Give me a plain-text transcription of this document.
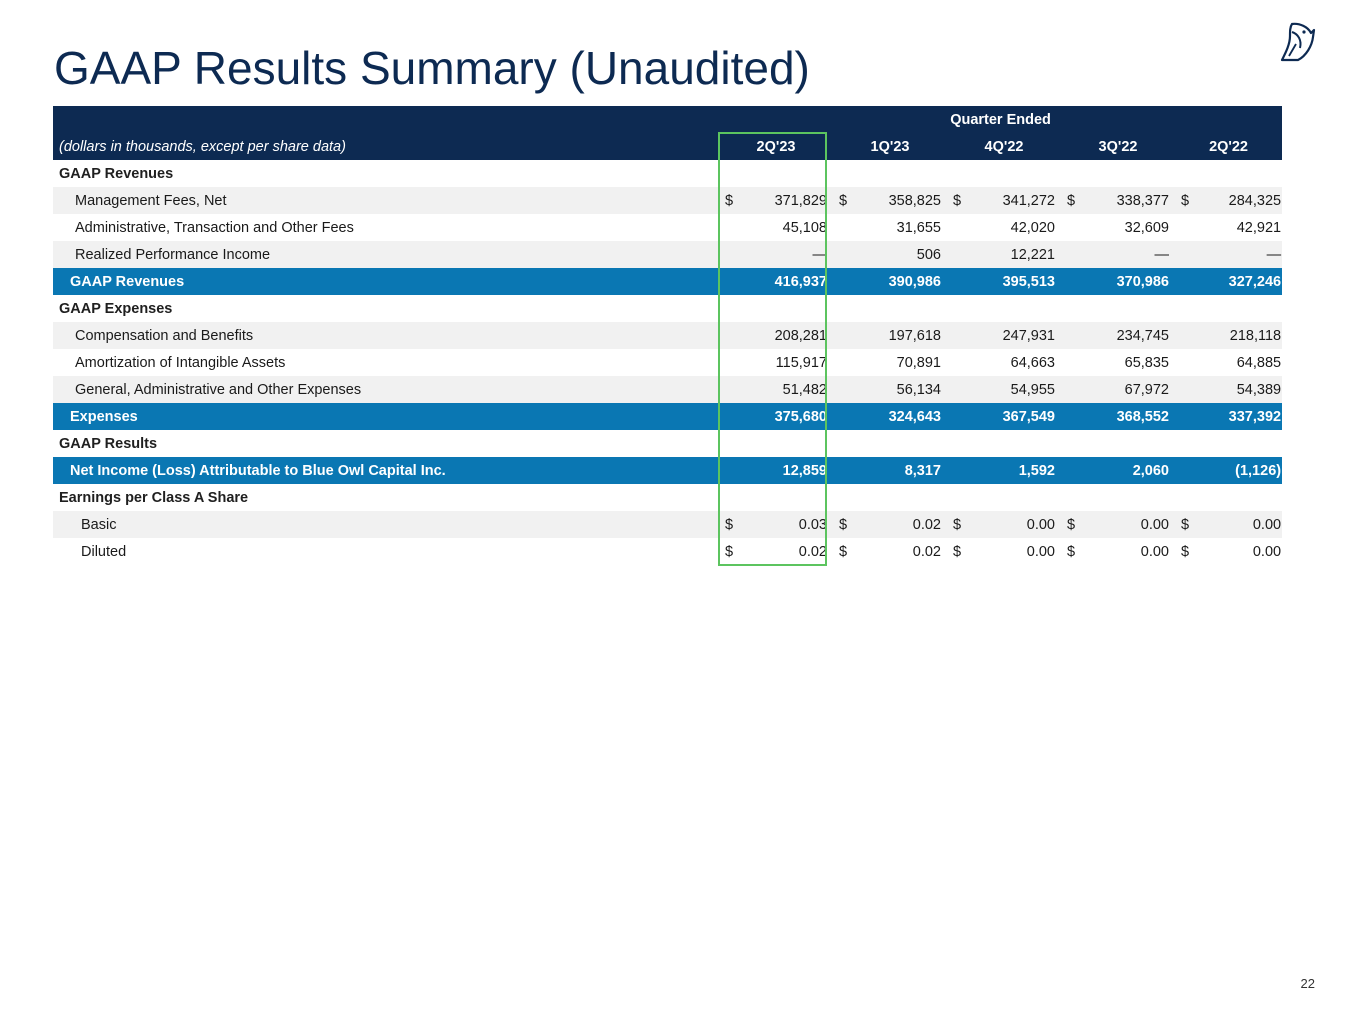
GAAP Results Summary (Unaudited)
	Quarter Ended									
(dollars in thousands, except per share data)	2Q'23		1Q'23		4Q'22		3Q'22		2Q'22	
GAAP Revenues										
Management Fees, Net	$	371,829	$	358,825	$	341,272	$	338,377	$	284,325
Administrative, Transaction and Other Fees		45,108		31,655		42,020		32,609		42,921
Realized Performance Income		—		506		12,221		—		—
GAAP Revenues		416,937		390,986		395,513		370,986		327,246
GAAP Expenses										
Compensation and Benefits		208,281		197,618		247,931		234,745		218,118
Amortization of Intangible Assets		115,917		70,891		64,663		65,835		64,885
General, Administrative and Other Expenses		51,482		56,134		54,955		67,972		54,389
Expenses		375,680		324,643		367,549		368,552		337,392
GAAP Results										
Net Income (Loss) Attributable to Blue Owl Capital Inc.		12,859		8,317		1,592		2,060		(1,126)
Earnings per Class A Share										
Basic	$	0.03	$	0.02	$	0.00	$	0.00	$	0.00
Diluted	$	0.02	$	0.02	$	0.00	$	0.00	$	0.00
22
